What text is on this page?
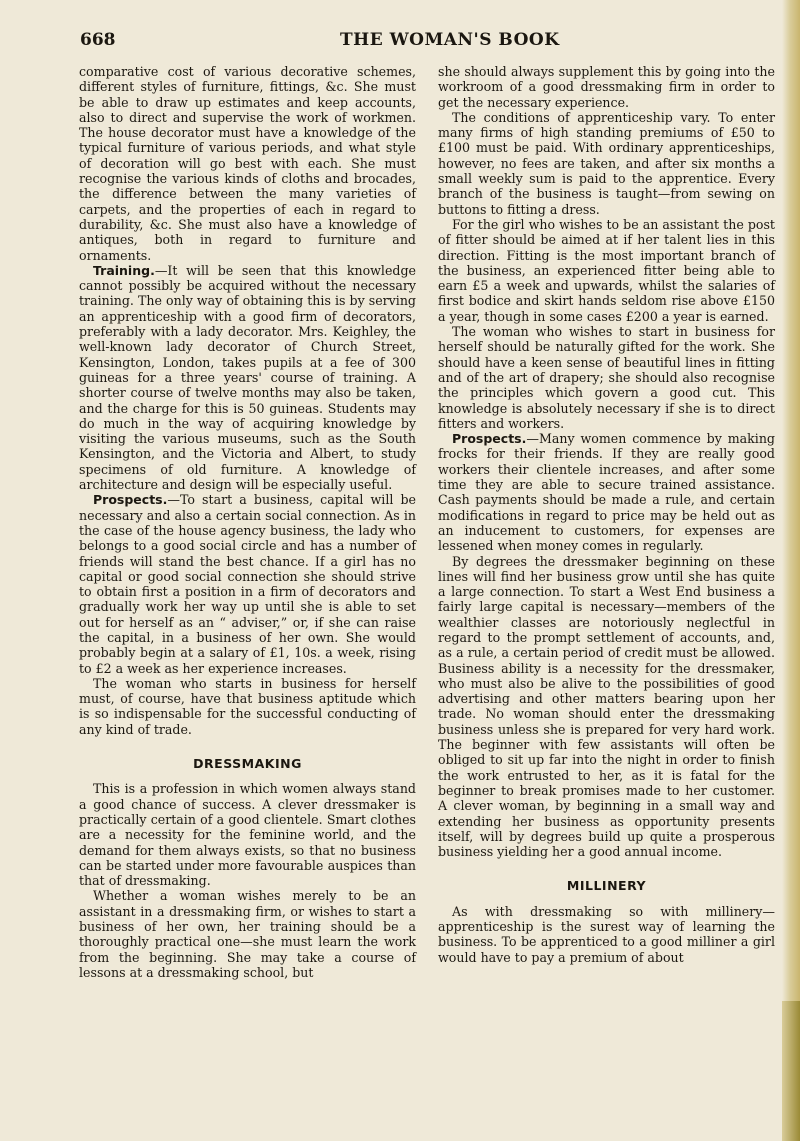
668	THE WOMAN'S BOOK

comparative cost of various decorative schemes, different styles of furniture, fittings, &c. She must be able to draw up estimates and keep accounts, also to direct and supervise the work of workmen. The house decorator must have a knowledge of the typical furniture of various periods, and what style of decoration will go best with each. She must recognise the various kinds of cloths and brocades, the difference between the many varieties of carpets, and the properties of each in regard to durability, &c. She must also have a knowledge of antiques, both in regard to furniture and ornaments.

Training.—It will be seen that this knowledge cannot possibly be acquired without the necessary training. The only way of obtaining this is by serving an apprenticeship with a good firm of decorators, preferably with a lady decorator. Mrs. Keighley, the well-known lady decorator of Church Street, Kensington, London, takes pupils at a fee of 300 guineas for a three years' course of training. A shorter course of twelve months may also be taken, and the charge for this is 50 guineas. Students may do much in the way of acquiring knowledge by visiting the various museums, such as the South Kensington, and the Victoria and Albert, to study specimens of old furniture. A knowledge of architecture and design will be especially useful.

Prospects.—To start a business, capital will be necessary and also a certain social connection. As in the case of the house agency business, the lady who belongs to a good social circle and has a number of friends will stand the best chance. If a girl has no capital or good social connection she should strive to obtain first a position in a firm of decorators and gradually work her way up until she is able to set out for herself as an “ adviser,” or, if she can raise the capital, in a business of her own. She would probably begin at a salary of £1, 10s. a week, rising to £2 a week as her experience increases.

The woman who starts in business for herself must, of course, have that business aptitude which is so indispensable for the successful conducting of any kind of trade.

DRESSMAKING

This is a profession in which women always stand a good chance of success. A clever dressmaker is practically certain of a good clientele. Smart clothes are a necessity for the feminine world, and the demand for them always exists, so that no business can be started under more favourable auspices than that of dressmaking.

Whether a woman wishes merely to be an assistant in a dressmaking firm, or wishes to start a business of her own, her training should be a thoroughly practical one—she must learn the work from the beginning. She may take a course of lessons at a dressmaking school, but

she should always supplement this by going into the workroom of a good dressmaking firm in order to get the necessary experience.

The conditions of apprenticeship vary. To enter many firms of high standing premiums of £50 to £100 must be paid. With ordinary apprenticeships, however, no fees are taken, and after six months a small weekly sum is paid to the apprentice. Every branch of the business is taught—from sewing on buttons to fitting a dress.

For the girl who wishes to be an assistant the post of fitter should be aimed at if her talent lies in this direction. Fitting is the most important branch of the business, an experienced fitter being able to earn £5 a week and upwards, whilst the salaries of first bodice and skirt hands seldom rise above £150 a year, though in some cases £200 a year is earned.

The woman who wishes to start in business for herself should be naturally gifted for the work. She should have a keen sense of beautiful lines in fitting and of the art of drapery; she should also recognise the principles which govern a good cut. This knowledge is absolutely necessary if she is to direct fitters and workers.

Prospects.—Many women commence by making frocks for their friends. If they are really good workers their clientele increases, and after some time they are able to secure trained assistance. Cash payments should be made a rule, and certain modifications in regard to price may be held out as an inducement to customers, for expenses are lessened when money comes in regularly.

By degrees the dressmaker beginning on these lines will find her business grow until she has quite a large connection. To start a West End business a fairly large capital is necessary—members of the wealthier classes are notoriously neglectful in regard to the prompt settlement of accounts, and, as a rule, a certain period of credit must be allowed. Business ability is a necessity for the dressmaker, who must also be alive to the possibilities of good advertising and other matters bearing upon her trade. No woman should enter the dressmaking business unless she is prepared for very hard work. The beginner with few assistants will often be obliged to sit up far into the night in order to finish the work entrusted to her, as it is fatal for the beginner to break promises made to her customer. A clever woman, by beginning in a small way and extending her business as opportunity presents itself, will by degrees build up quite a prosperous business yielding her a good annual income.

MILLINERY

As with dressmaking so with millinery—apprenticeship is the surest way of learning the business. To be apprenticed to a good milliner a girl would have to pay a premium of about
